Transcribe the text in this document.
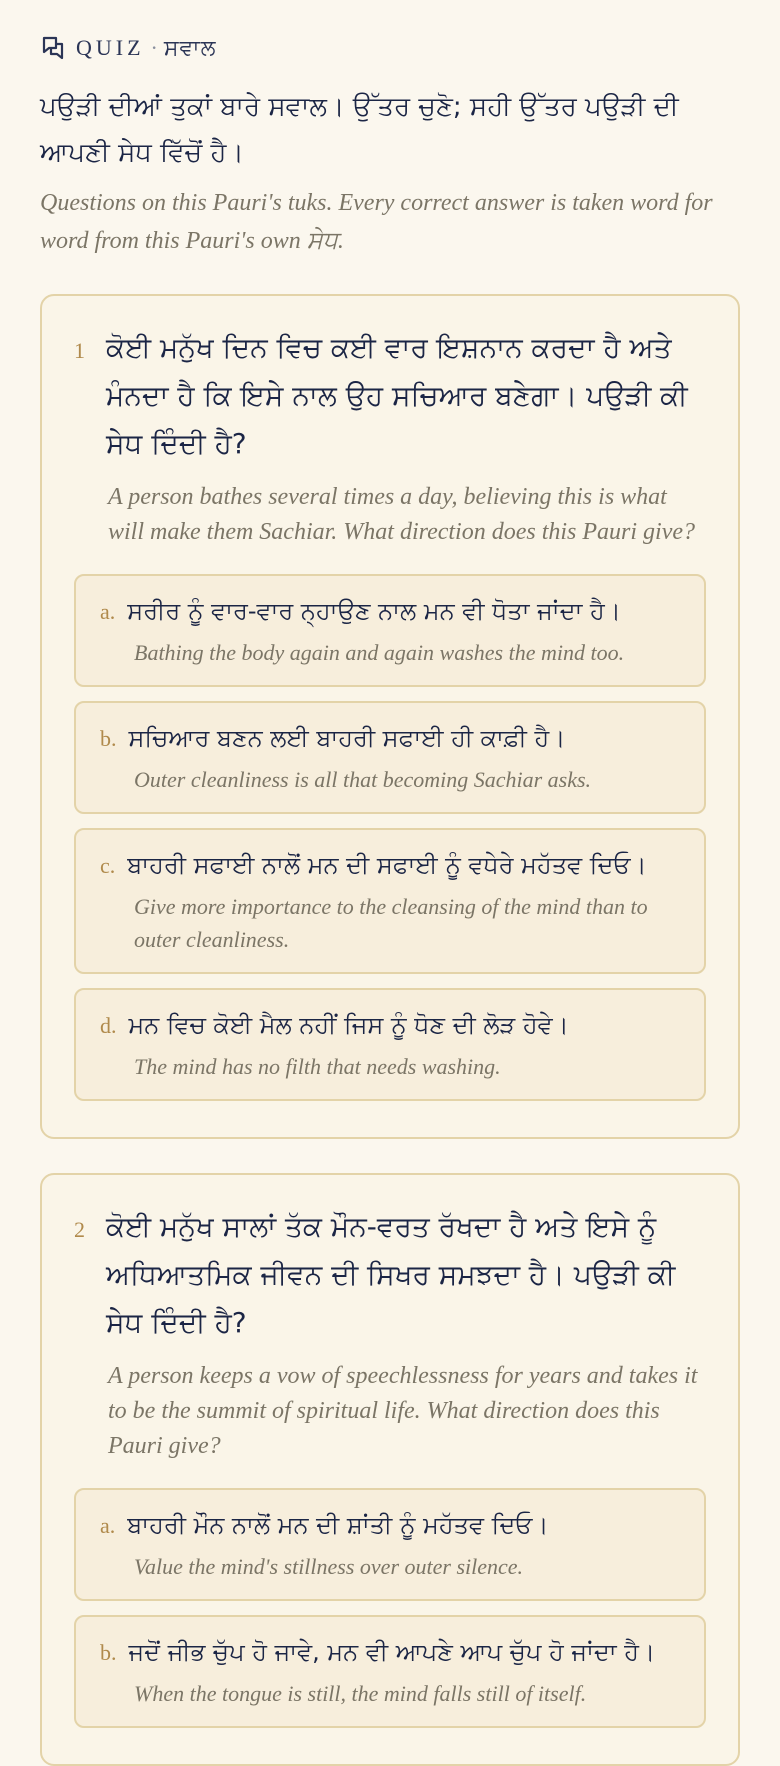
QUIZ · ਸਵਾਲ
ਪਉੜੀ ਦੀਆਂ ਤੁਕਾਂ ਬਾਰੇ ਸਵਾਲ। ਉੱਤਰ ਚੁਣੋ; ਸਹੀ ਉੱਤਰ ਪਉੜੀ ਦੀ ਆਪਣੀ ਸੇਧ ਵਿੱਚੋਂ ਹੈ।
Questions on this Pauri's tuks. Every correct answer is taken word for word from this Pauri's own ਸੇਧ.
1 ਕੋਈ ਮਨੁੱਖ ਦਿਨ ਵਿਚ ਕਈ ਵਾਰ ਇਸ਼ਨਾਨ ਕਰਦਾ ਹੈ ਅਤੇ ਮੰਨਦਾ ਹੈ ਕਿ ਇਸੇ ਨਾਲ ਉਹ ਸਚਿਆਰ ਬਣੇਗਾ। ਪਉੜੀ ਕੀ ਸੇਧ ਦਿੰਦੀ ਹੈ?
A person bathes several times a day, believing this is what will make them Sachiar. What direction does this Pauri give?
a. ਸਰੀਰ ਨੂੰ ਵਾਰ-ਵਾਰ ਨ੍ਹਾਉਣ ਨਾਲ ਮਨ ਵੀ ਧੋਤਾ ਜਾਂਦਾ ਹੈ।
Bathing the body again and again washes the mind too.
b. ਸਚਿਆਰ ਬਣਨ ਲਈ ਬਾਹਰੀ ਸਫਾਈ ਹੀ ਕਾਫ਼ੀ ਹੈ।
Outer cleanliness is all that becoming Sachiar asks.
c. ਬਾਹਰੀ ਸਫਾਈ ਨਾਲੋਂ ਮਨ ਦੀ ਸਫਾਈ ਨੂੰ ਵਧੇਰੇ ਮਹੱਤਵ ਦਿਓ।
Give more importance to the cleansing of the mind than to outer cleanliness.
d. ਮਨ ਵਿਚ ਕੋਈ ਮੈਲ ਨਹੀਂ ਜਿਸ ਨੂੰ ਧੋਣ ਦੀ ਲੋੜ ਹੋਵੇ।
The mind has no filth that needs washing.
2 ਕੋਈ ਮਨੁੱਖ ਸਾਲਾਂ ਤੱਕ ਮੌਨ-ਵਰਤ ਰੱਖਦਾ ਹੈ ਅਤੇ ਇਸੇ ਨੂੰ ਅਧਿਆਤਮਿਕ ਜੀਵਨ ਦੀ ਸਿਖਰ ਸਮਝਦਾ ਹੈ। ਪਉੜੀ ਕੀ ਸੇਧ ਦਿੰਦੀ ਹੈ?
A person keeps a vow of speechlessness for years and takes it to be the summit of spiritual life. What direction does this Pauri give?
a. ਬਾਹਰੀ ਮੌਨ ਨਾਲੋਂ ਮਨ ਦੀ ਸ਼ਾਂਤੀ ਨੂੰ ਮਹੱਤਵ ਦਿਓ।
Value the mind's stillness over outer silence.
b. ਜਦੋਂ ਜੀਭ ਚੁੱਪ ਹੋ ਜਾਵੇ, ਮਨ ਵੀ ਆਪਣੇ ਆਪ ਚੁੱਪ ਹੋ ਜਾਂਦਾ ਹੈ।
When the tongue is still, the mind falls still of itself.
